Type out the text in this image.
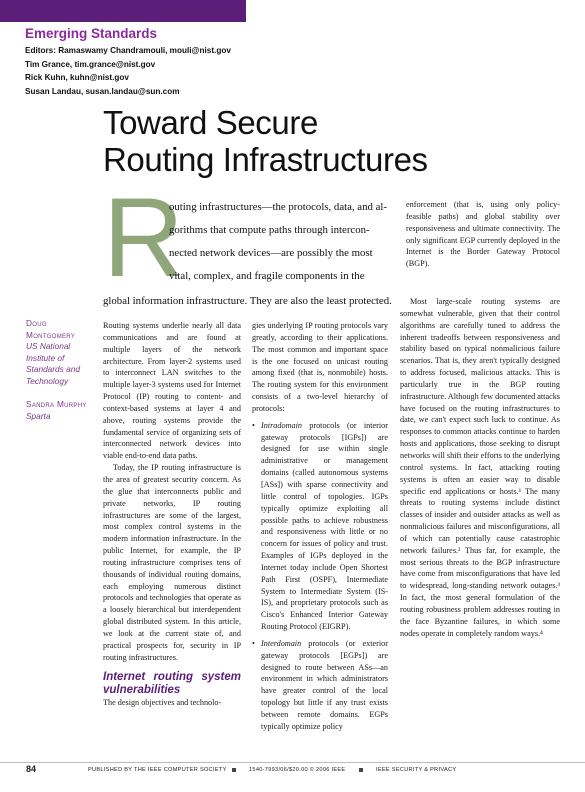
Emerging Standards
Editors: Ramaswamy Chandramouli, mouli@nist.gov
Tim Grance, tim.grance@nist.gov
Rick Kuhn, kuhn@nist.gov
Susan Landau, susan.landau@sun.com
Toward Secure
Routing Infrastructures
R
outing infrastructures—the protocols, data, and al-
gorithms that compute paths through intercon-
nected network devices—are possibly the most
vital, complex, and fragile components in the
global information infrastructure. They are also the least protected.
Doug Montgomery
US National Institute of Standards and Technology
Sandra Murphy
Sparta

Routing systems underlie nearly all data communications and are found at multiple layers of the network architecture. From layer-2 systems used to interconnect LAN switches to the multiple layer-3 systems used for Internet Protocol (IP) routing to content- and context-based systems at layer 4 and above, routing systems provide the fundamental service of organizing sets of interconnected network devices into viable end-to-end data paths.

Today, the IP routing infrastructure is the area of greatest security concern. As the glue that interconnects public and private networks, IP routing infrastructures are some of the largest, most complex control systems in the modern information infrastructure. In the public Internet, for example, the IP routing infrastructure comprises tens of thousands of individual routing domains, each employing numerous distinct protocols and technologies that operate as a loosely hierarchical but interdependent global distributed system. In this article, we look at the current state of, and practical prospects for, security in IP routing infrastructures.

Internet routing system vulnerabilities

The design objectives and technolo-

gies underlying IP routing protocols vary greatly, according to their applications. The most common and important space is the one focused on unicast routing among fixed (that is, nonmobile) hosts. The routing system for this environment consists of a two-level hierarchy of protocols:

• Intradomain protocols (or interior gateway protocols [IGPs]) are designed for use within single administrative or management domains (called autonomous systems [ASs]) with sparse connectivity and little control of topologies. IGPs typically optimize exploiting all possible paths to achieve robustness and responsiveness with little or no concern for issues of policy and trust. Examples of IGPs deployed in the Internet today include Open Shortest Path First (OSPF), Intermediate System to Intermediate System (IS-IS), and proprietary protocols such as Cisco's Enhanced Interior Gateway Routing Protocol (EIGRP).
• Interdomain protocols (or exterior gateway protocols [EGPs]) are designed to route between ASs—an environment in which administrators have greater control of the local topology but little if any trust exists between remote domains. EGPs typically optimize policy

enforcement (that is, using only policy-feasible paths) and global stability over responsiveness and ultimate connectivity. The only significant EGP currently deployed in the Internet is the Border Gateway Protocol (BGP).

Most large-scale routing systems are somewhat vulnerable, given that their control algorithms are carefully tuned to address the inherent tradeoffs between responsiveness and stability based on typical nonmalicious failure scenarios. That is, they aren't typically designed to address focused, malicious attacks. This is particularly true in the BGP routing infrastructure. Although few documented attacks have focused on the routing infrastructures to date, we can't expect such luck to continue. As responses to common attacks continue to harden hosts and applications, those seeking to disrupt networks will shift their efforts to the underlying control systems. In fact, attacking routing systems is often an easier way to disable specific end applications or hosts.¹ The many threats to routing systems include distinct classes of insider and outsider attacks as well as nonmalicious failures and misconfigurations, all of which can potentially cause catastrophic network failures.² Thus far, for example, the most serious threats to the BGP infrastructure have come from misconfigurations that have led to widespread, long-standing network outages.³ In fact, the most general formulation of the routing robustness problem addresses routing in the face Byzantine failures, in which some nodes operate in completely random ways.⁴

84	PUBLISHED BY THE IEEE COMPUTER SOCIETY	1540-7993/06/$20.00 © 2006 IEEE	IEEE SECURITY & PRIVACY
